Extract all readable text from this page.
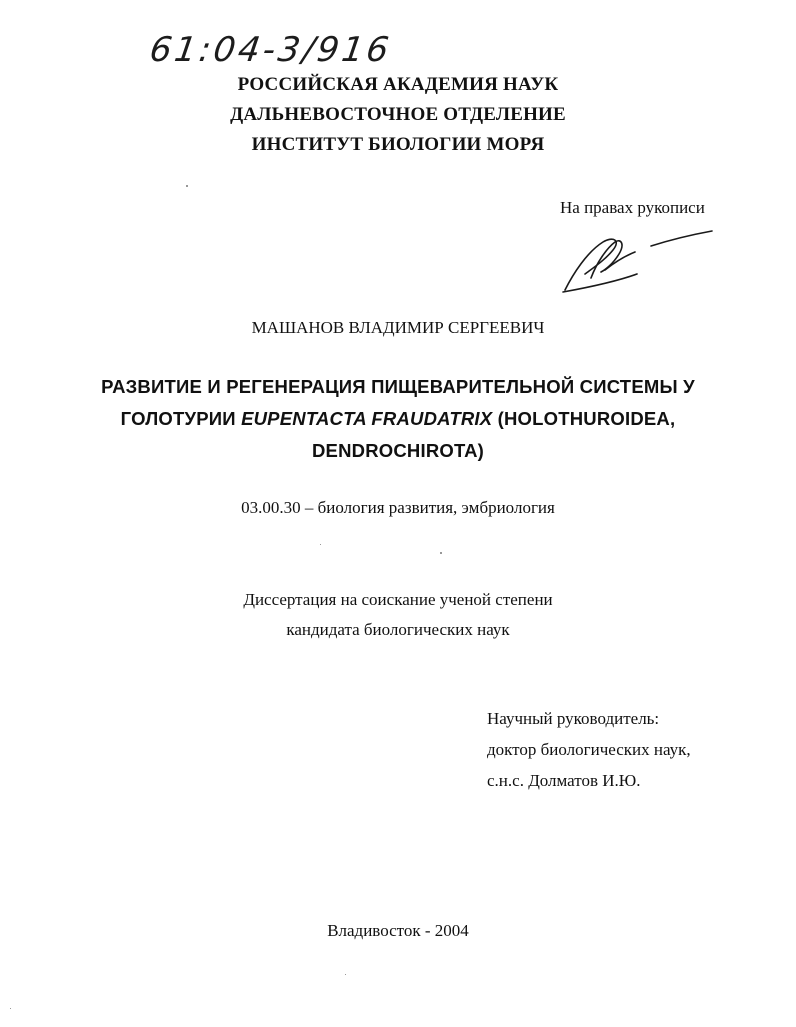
61:04-3/916
РОССИЙСКАЯ АКАДЕМИЯ НАУК
ДАЛЬНЕВОСТОЧНОЕ ОТДЕЛЕНИЕ
ИНСТИТУТ БИОЛОГИИ МОРЯ
На правах рукописи
МАШАНОВ ВЛАДИМИР СЕРГЕЕВИЧ
РАЗВИТИЕ И РЕГЕНЕРАЦИЯ ПИЩЕВАРИТЕЛЬНОЙ СИСТЕМЫ У
ГОЛОТУРИИ EUPENTACTA FRAUDATRIX (HOLOTHUROIDEA,
DENDROCHIROTA)
03.00.30 – биология развития, эмбриология
Диссертация на соискание ученой степени
кандидата биологических наук
Научный руководитель:
доктор биологических наук,
с.н.с. Долматов И.Ю.
Владивосток - 2004
